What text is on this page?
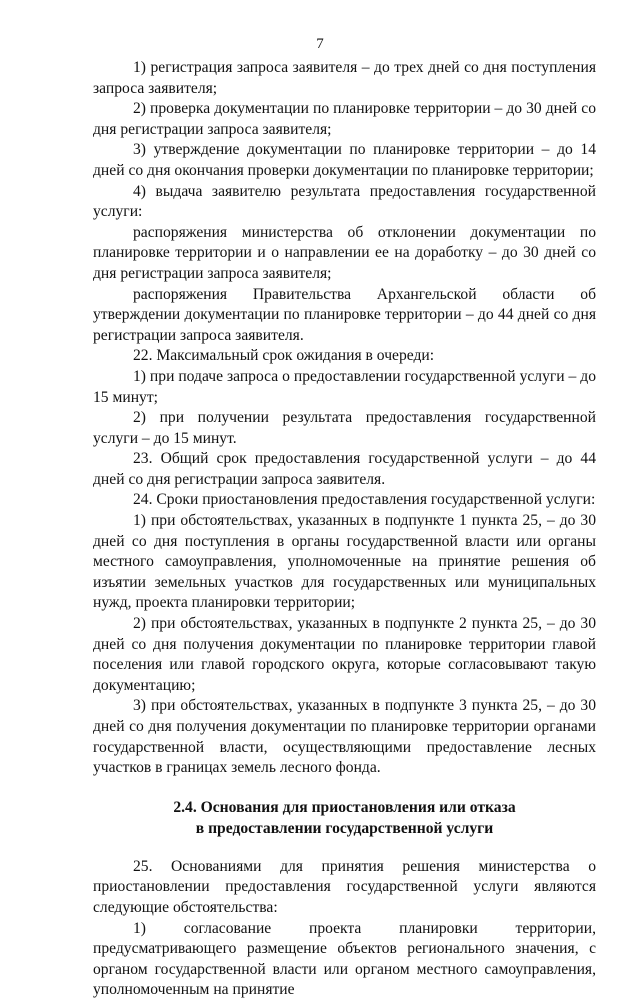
7

1) регистрация запроса заявителя – до трех дней со дня поступления запроса заявителя;

2) проверка документации по планировке территории – до 30 дней со дня регистрации запроса заявителя;

3) утверждение документации по планировке территории – до 14 дней со дня окончания проверки документации по планировке территории;

4) выдача заявителю результата предоставления государственной услуги:

распоряжения министерства об отклонении документации по планировке территории и о направлении ее на доработку – до 30 дней со дня регистрации запроса заявителя;

распоряжения Правительства Архангельской области об утверждении документации по планировке территории – до 44 дней со дня регистрации запроса заявителя.

22. Максимальный срок ожидания в очереди:

1) при подаче запроса о предоставлении государственной услуги – до 15 минут;

2) при получении результата предоставления государственной услуги – до 15 минут.

23. Общий срок предоставления государственной услуги – до 44 дней со дня регистрации запроса заявителя.

24. Сроки приостановления предоставления государственной услуги:

1) при обстоятельствах, указанных в подпункте 1 пункта 25, – до 30 дней со дня поступления в органы государственной власти или органы местного самоуправления, уполномоченные на принятие решения об изъятии земельных участков для государственных или муниципальных нужд, проекта планировки территории;

2) при обстоятельствах, указанных в подпункте 2 пункта 25, – до 30 дней со дня получения документации по планировке территории главой поселения или главой городского округа, которые согласовывают такую документацию;

3) при обстоятельствах, указанных в подпункте 3 пункта 25, – до 30 дней со дня получения документации по планировке территории органами государственной власти, осуществляющими предоставление лесных участков в границах земель лесного фонда.

2.4. Основания для приостановления или отказа
в предоставлении государственной услуги

25. Основаниями для принятия решения министерства о приостановлении предоставления государственной услуги являются следующие обстоятельства:

1) согласование проекта планировки территории, предусматривающего размещение объектов регионального значения, с органом государственной власти или органом местного самоуправления, уполномоченным на принятие
